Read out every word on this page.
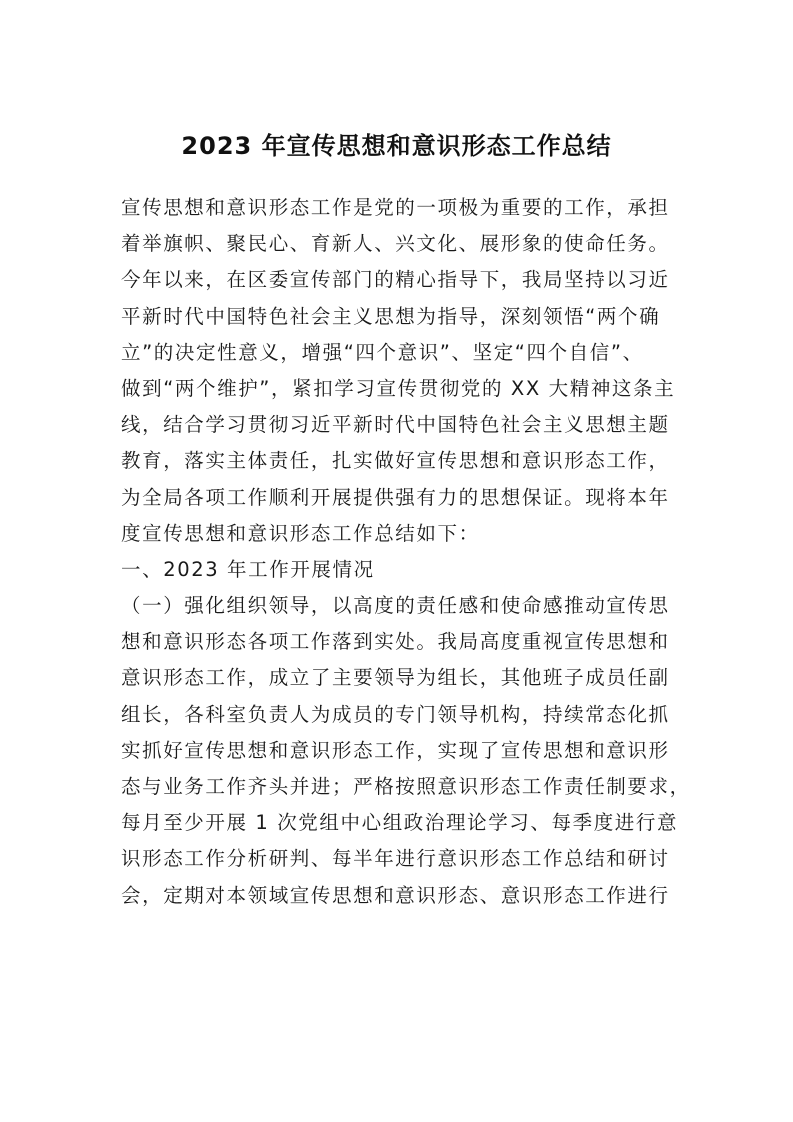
2023 年宣传思想和意识形态工作总结
宣传思想和意识形态工作是党的一项极为重要的工作，承担
着举旗帜、聚民心、育新人、兴文化、展形象的使命任务。
今年以来，在区委宣传部门的精心指导下，我局坚持以习近
平新时代中国特色社会主义思想为指导，深刻领悟“两个确
立”的决定性意义，增强“四个意识”、坚定“四个自信”、
做到“两个维护”，紧扣学习宣传贯彻党的 XX 大精神这条主
线，结合学习贯彻习近平新时代中国特色社会主义思想主题
教育，落实主体责任，扎实做好宣传思想和意识形态工作，
为全局各项工作顺利开展提供强有力的思想保证。现将本年
度宣传思想和意识形态工作总结如下：
一、2023 年工作开展情况
（一）强化组织领导，以高度的责任感和使命感推动宣传思
想和意识形态各项工作落到实处。我局高度重视宣传思想和
意识形态工作，成立了主要领导为组长，其他班子成员任副
组长，各科室负责人为成员的专门领导机构，持续常态化抓
实抓好宣传思想和意识形态工作，实现了宣传思想和意识形
态与业务工作齐头并进；严格按照意识形态工作责任制要求，
每月至少开展 1 次党组中心组政治理论学习、每季度进行意
识形态工作分析研判、每半年进行意识形态工作总结和研讨
会，定期对本领域宣传思想和意识形态、意识形态工作进行
